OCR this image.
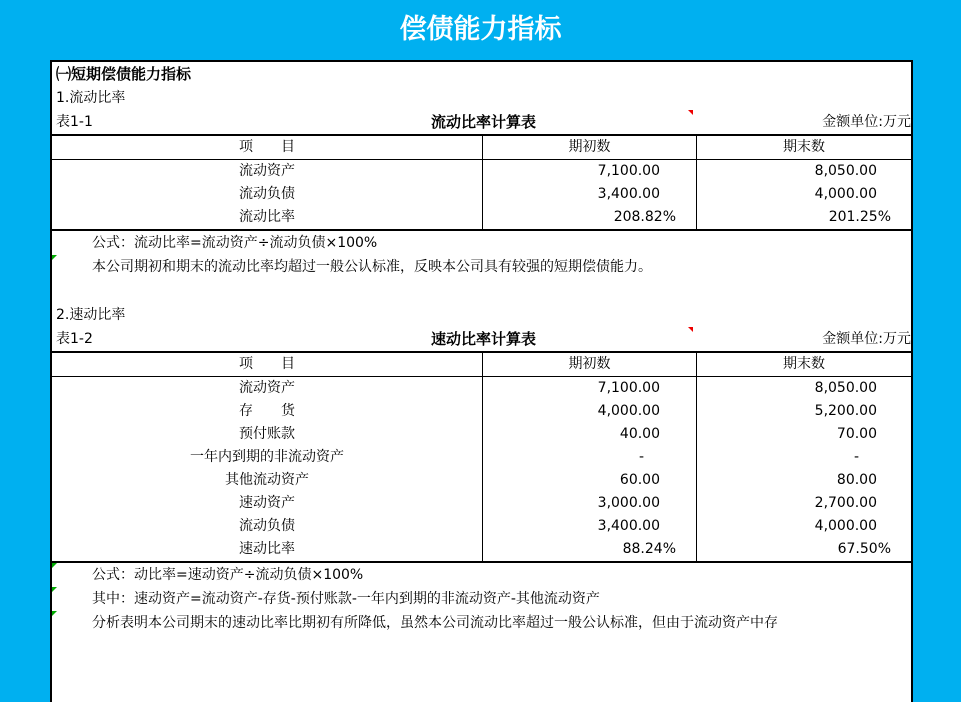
偿债能力指标
㈠短期偿债能力指标
1.流动比率
表1-1	流动比率计算表	金额单位:万元
项　　目	期初数	期末数
流动资产	7,100.00	8,050.00
流动负债	3,400.00	4,000.00
流动比率	208.82%	201.25%
公式：流动比率=流动资产÷流动负债×100%
本公司期初和期末的流动比率均超过一般公认标准，反映本公司具有较强的短期偿债能力。
2.速动比率
表1-2	速动比率计算表	金额单位:万元
项　　目	期初数	期末数
流动资产	7,100.00	8,050.00
存　　货	4,000.00	5,200.00
预付账款	40.00	70.00
一年内到期的非流动资产	-	-
其他流动资产	60.00	80.00
速动资产	3,000.00	2,700.00
流动负债	3,400.00	4,000.00
速动比率	88.24%	67.50%
公式：动比率=速动资产÷流动负债×100%
其中：速动资产=流动资产-存货-预付账款-一年内到期的非流动资产-其他流动资产
分析表明本公司期末的速动比率比期初有所降低，虽然本公司流动比率超过一般公认标准，但由于流动资产中存
